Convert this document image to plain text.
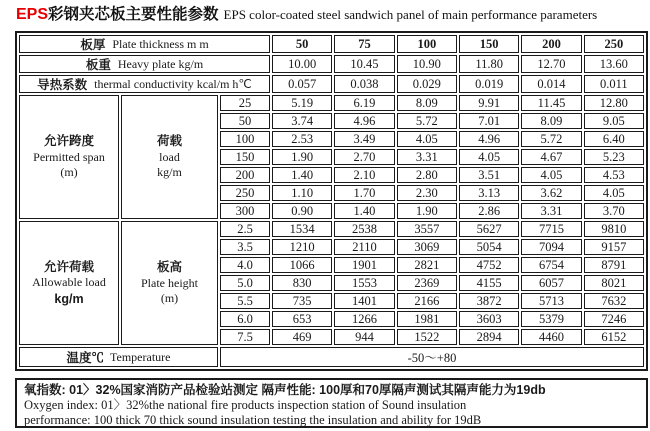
EPS彩钢夹芯板主要性能参数 EPS color-coated steel sandwich panel of main performance parameters
板厚 Plate thickness m m	50	75	100	150	200	250
板重 Heavy plate kg/m	10.00	10.45	10.90	11.80	12.70	13.60
导热系数 thermal conductivity kcal/m h℃	0.057	0.038	0.029	0.019	0.014	0.011
允许跨度
Permitted span
(m)
荷载
load
kg/m
25	5.19	6.19	8.09	9.91	11.45	12.80
50	3.74	4.96	5.72	7.01	8.09	9.05
100	2.53	3.49	4.05	4.96	5.72	6.40
150	1.90	2.70	3.31	4.05	4.67	5.23
200	1.40	2.10	2.80	3.51	4.05	4.53
250	1.10	1.70	2.30	3.13	3.62	4.05
300	0.90	1.40	1.90	2.86	3.31	3.70
允许荷载
Allowable load
kg/m
板高
Plate height
(m)
2.5	1534	2538	3557	5627	7715	9810
3.5	1210	2110	3069	5054	7094	9157
4.0	1066	1901	2821	4752	6754	8791
5.0	830	1553	2369	4155	6057	8021
5.5	735	1401	2166	3872	5713	7632
6.0	653	1266	1981	3603	5379	7246
7.5	469	944	1522	2894	4460	6152
温度℃ Temperature	-50～+80
氧指数: 01〉32%国家消防产品检验站测定 隔声性能: 100厚和70厚隔声测试其隔声能力为19db
Oxygen index: 01〉32%the national fire products inspection station of Sound insulation
performance: 100 thick 70 thick sound insulation testing the insulation and ability for 19dB
